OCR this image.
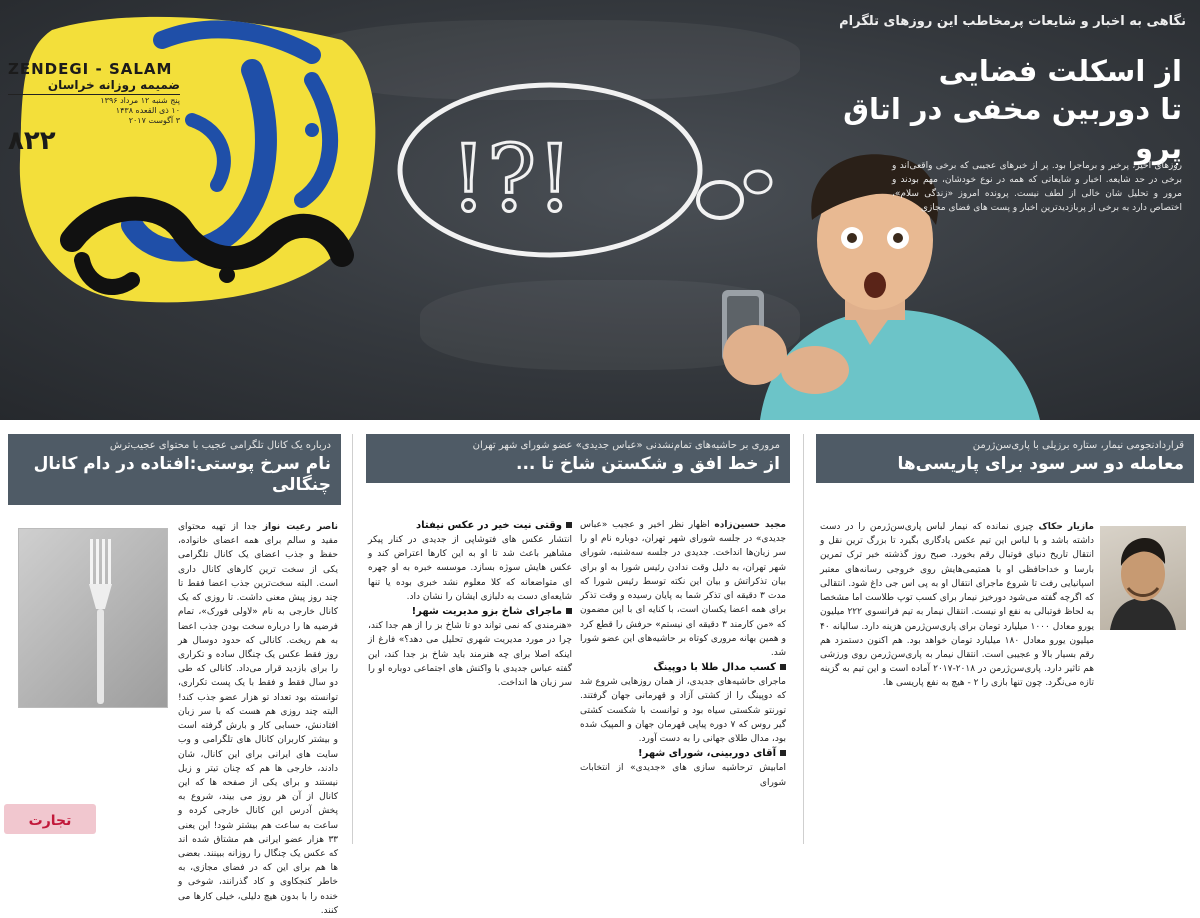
ZENDEGI - SALAM
ضمیمه روزانه خراسان
پنج شنبه ۱۲ مرداد ۱۳۹۶
۱۰ ذی القعده ۱۴۳۸
۳ آگوست ۲۰۱۷
۸۲۲	!?!
نگاهی به اخبار و شایعات پرمخاطب این روزهای تلگرام
از اسکلت فضایی
تا دوربین مخفی در اتاق پرو
روزهای اخیر، پرخبر و برماجرا بود. پر از خبرهای عجیبی که برخی واقعی‌اند و برخی در حد شایعه. اخبار و شایعاتی که همه در نوع خودشان، مهم بودند و مرور و تحلیل شان خالی از لطف نیست. پرونده امروز «زندگی سلام»، اختصاص دارد به برخی از پربازدیدترین اخبار و پست های فضای مجازی
درباره یک کانال تلگرامی عجیب با محتوای عجیب‌ترش
نام سرخ پوستی:افتاده در دام کانال چنگالی
ناصر رعیت نواز جدا از تهیه محتوای مفید و سالم برای همه اعضای خانواده، حفظ و جذب اعضای یک کانال تلگرامی یکی از سخت ترین کارهای کانال داری است. البته سخت‌ترین جذب اعضا فقط تا چند روز پیش معنی داشت. تا روزی که یک کانال خارجی به نام «لاولی فورک»، تمام فرضیه ها را درباره سخت بودن جذب اعضا به هم ریخت. کانالی که حدود دوسال هر روز فقط عکس یک چنگال ساده و تکراری را برای بازدید قرار می‌داد. کانالی که طی دو سال فقط و فقط با یک پست تکراری، توانسته بود تعداد تو هزار عضو جذب کند! البته چند روزی هم هست که با سر زبان افتادنش، حسابی کار و بارش گرفته است و بیشتر کاربران کانال های تلگرامی و وب سایت های ایرانی برای این کانال، شان دادند، خارجی ها هم که چنان تیتر و زبل نیستند و برای یکی از صفحه ها که این کانال از آن هر روز می بیند، شروع به پخش آدرس این کانال خارجی کرده و ساعت به ساعت هم بیشتر شود! این یعنی ۳۳ هزار عضو ایرانی هم مشتاق شده اند که عکس یک چنگال را روزانه ببینند. بعضی ها هم برای این که در فضای مجازی، به خاطر کنجکاوی و کاد گذرانند، شوخی و خنده را با بدون هیچ دلیلی، خیلی کارها می کنند.
مروری بر حاشیه‌های تمام‌نشدنی «عباس جدیدی» عضو شورای شهر تهران
از خط افق و شکستن شاخ تا ...
مجید حسین‌زاده اظهار نظر اخیر و عجیب «عباس جدیدی» در جلسه شورای شهر تهران، دوباره نام او را سر زبان‌ها انداخت. جدیدی در جلسه سه‌شنبه، شورای شهر تهران، به دلیل وقت ندادن رئیس شورا به او برای بیان تذکراتش و بیان این نکته توسط رئیس شورا که مدت ۳ دقیقه ای تذکر شما به پایان رسیده و وقت تذکر برای همه اعضا یکسان است، با کنایه ای با این مضمون که «من کارمند ۳ دقیقه ای نیستم» حرفش را قطع کرد و همین بهانه مروری کوتاه بر حاشیه‌های این عضو شورا شد.
کسب مدال طلا با دوپینگ
ماجرای حاشیه‌های جدیدی، از همان روزهایی شروع شد که دوپینگ را از کشتی آزاد و قهرمانی جهان گرفتند. تورنتو شکستی سیاه بود و توانست با شکست کشتی گیر روس که ۷ دوره پیاپی قهرمان جهان و المپیک شده بود، مدال طلای جهانی را به دست آورد.
آقای دوربینی، شورای شهر!
امابیش ترحاشیه سازی های «جدیدی» از انتخابات شورای
وقتی نیت خیر در عکس نیفتاد
انتشار عکس های فتوشاپی از جدیدی در کنار پیکر مشاهیر باعث شد تا او به این کارها اعتراض کند و عکس هایش سوژه بسازد. موسسه خبره به او چهره ای متواضعانه که کلا معلوم نشد خبری بوده یا تنها شایعه‌ای دست به دلبازی ایشان را نشان داد.
ماجرای شاخ بزو مدیریت شهر!
«هنرمندی که نمی تواند دو تا شاخ بز را از هم جدا کند، چرا در مورد مدیریت شهری تحلیل می دهد؟» فارغ از اینکه اصلا برای چه هنرمند باید شاخ بز جدا کند، این گفته عباس جدیدی با واکنش های اجتماعی دوباره او را سر زبان ها انداخت.
قراردادنجومی نیمار، ستاره برزیلی با پاری‌سن‌ژرمن
معامله دو سر سود برای پاریسی‌ها
مازیار حکاک چیزی نمانده که نیمار لباس پاری‌سن‌ژرمن را در دست داشته باشد و با لباس این تیم عکس یادگاری بگیرد تا بزرگ ترین نقل و انتقال تاریخ دنیای فوتبال رقم بخورد. صبح روز گذشته خبر ترک تمرین بارسا و خداحافظی او با همتیمی‌هایش روی خروجی رسانه‌های معتبر اسپانیایی رفت تا شروع ماجرای انتقال او به پی اس جی داغ شود. انتقالی که اگرچه گفته می‌شود دورخیز نیمار برای کسب توپ طلاست اما مشخصا به لحاظ فوتبالی به نفع او نیست. انتقال نیمار به تیم فرانسوی ۲۲۲ میلیون یورو معادل ۱۰۰۰ میلیارد تومان برای پاری‌سن‌ژرمن هزینه دارد. سالیانه ۴۰ میلیون یورو معادل ۱۸۰ میلیارد تومان خواهد بود. هم اکنون دستمزد هم رقم بسیار بالا و عجیبی است. انتقال نیمار به پاری‌سن‌ژرمن روی ورزشی هم تاثیر دارد. پاری‌سن‌ژرمن در ۲۰۱۸-۲۰۱۷ آماده است و این تیم به گزینه تازه می‌نگرد. چون تنها بازی را ۲ - هیچ به نفع پاریسی ها.
تجارت
